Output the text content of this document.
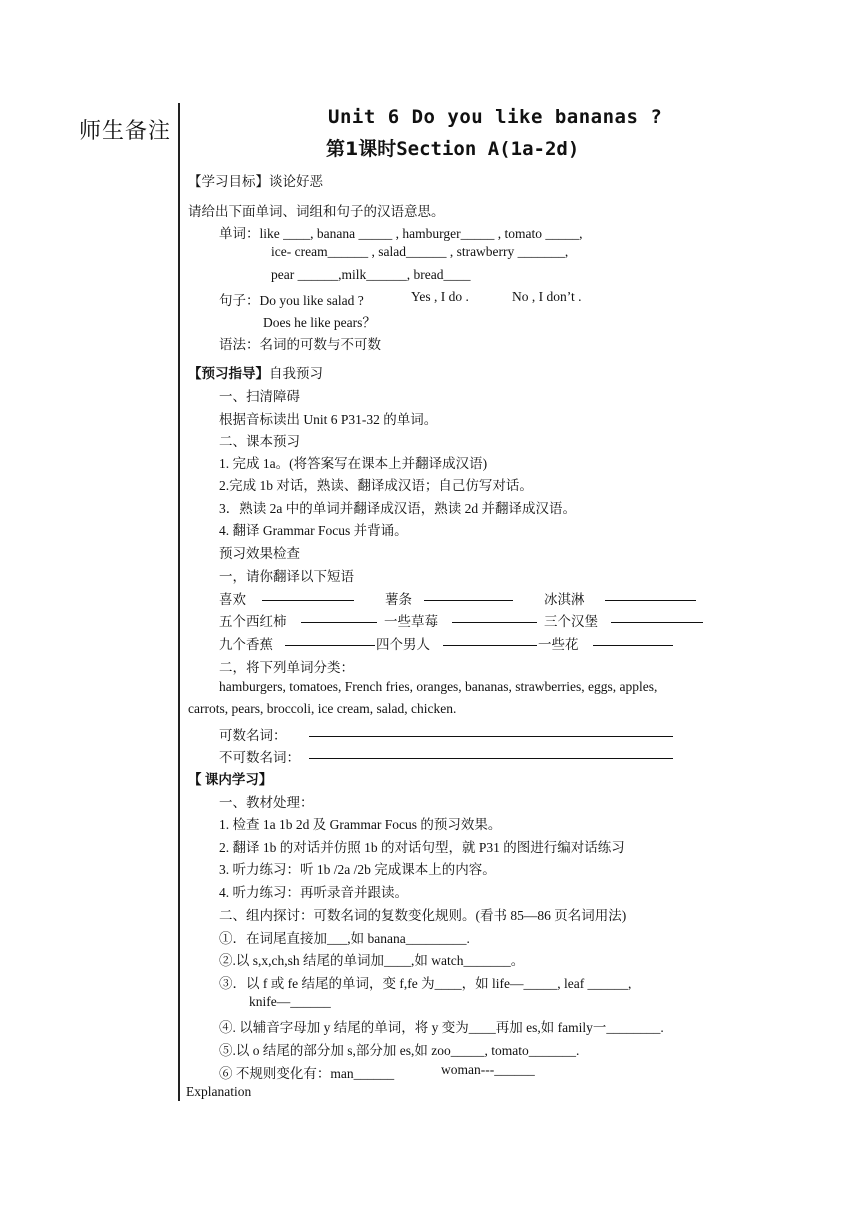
师生备注
Unit 6 Do you like bananas ?
第1课时Section A(1a-2d)
【学习目标】谈论好恶
请给出下面单词、词组和句子的汉语意思。
单词：like ____, banana _____ , hamburger_____ , tomato _____,
ice- cream______ , salad______ , strawberry _______,
pear ______,milk______, bread____
句子：Do you like salad ?	Yes , I do .	No , I don’t .
Does he like pears？
语法：名词的可数与不可数
【预习指导】自我预习
一、扫清障碍
根据音标读出 Unit 6 P31-32 的单词。
二、课本预习
1. 完成 1a。(将答案写在课本上并翻译成汉语)
2.完成 1b 对话，熟读、翻译成汉语；自己仿写对话。
3．熟读 2a 中的单词并翻译成汉语，熟读 2d 并翻译成汉语。
4. 翻译 Grammar Focus 并背诵。
预习效果检查
一，请你翻译以下短语
喜欢	薯条	冰淇淋
五个西红柿	一些草莓	三个汉堡
九个香蕉	四个男人	一些花
二，将下列单词分类：
hamburgers, tomatoes, French fries, oranges, bananas, strawberries, eggs, apples,
carrots, pears, broccoli, ice cream, salad, chicken.
可数名词：
不可数名词：
【 课内学习】
一、教材处理：
1. 检查 1a 1b 2d 及 Grammar Focus 的预习效果。
2. 翻译 1b 的对话并仿照 1b 的对话句型，就 P31 的图进行编对话练习
3. 听力练习：听 1b /2a /2b 完成课本上的内容。
4. 听力练习：再听录音并跟读。
二、组内探讨：可数名词的复数变化规则。(看书 85—86 页名词用法)
①．在词尾直接加___,如 banana_________.
②.以 s,x,ch,sh 结尾的单词加____,如 watch_______。
③．以 f 或 fe 结尾的单词，变 f,fe 为____，如 life—_____, leaf ______,
knife—______
④. 以辅音字母加 y 结尾的单词，将 y 变为____再加 es,如 family一________.
⑤.以 o 结尾的部分加 s,部分加 es,如 zoo_____, tomato_______.
⑥ 不规则变化有：man______	woman---______
Explanation
